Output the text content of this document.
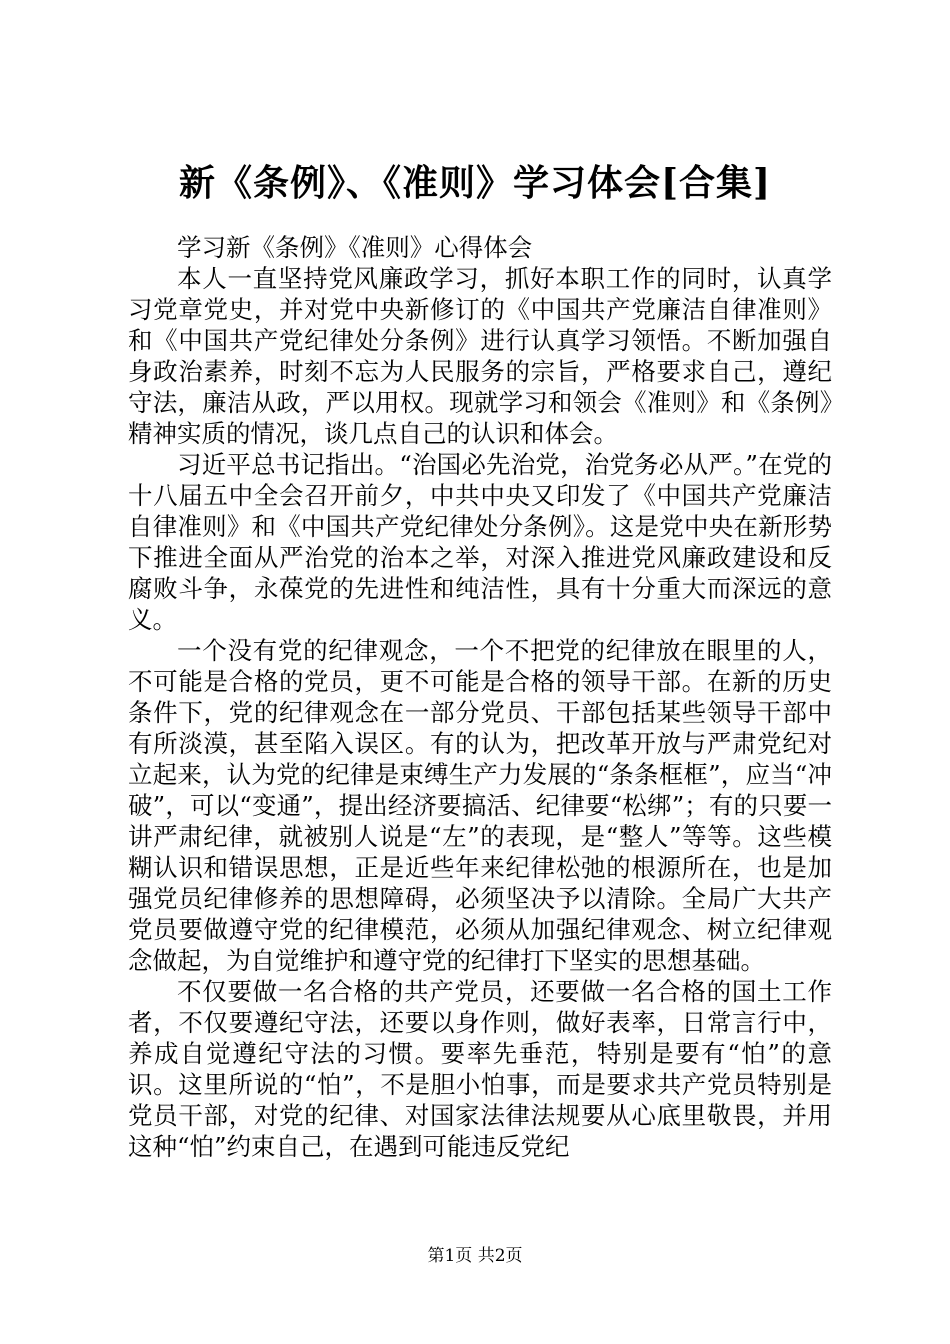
新《条例》、《准则》学习体会[合集]

学习新《条例》《准则》心得体会

本人一直坚持党风廉政学习，抓好本职工作的同时，认真学习党章党史，并对党中央新修订的《中国共产党廉洁自律准则》和《中国共产党纪律处分条例》进行认真学习领悟。不断加强自身政治素养，时刻不忘为人民服务的宗旨，严格要求自己，遵纪守法，廉洁从政，严以用权。现就学习和领会《准则》和《条例》精神实质的情况，谈几点自己的认识和体会。

习近平总书记指出。“治国必先治党，治党务必从严。”在党的十八届五中全会召开前夕，中共中央又印发了《中国共产党廉洁自律准则》和《中国共产党纪律处分条例》。这是党中央在新形势下推进全面从严治党的治本之举，对深入推进党风廉政建设和反腐败斗争，永葆党的先进性和纯洁性，具有十分重大而深远的意义。

一个没有党的纪律观念，一个不把党的纪律放在眼里的人，不可能是合格的党员，更不可能是合格的领导干部。在新的历史条件下，党的纪律观念在一部分党员、干部包括某些领导干部中有所淡漠，甚至陷入误区。有的认为，把改革开放与严肃党纪对立起来，认为党的纪律是束缚生产力发展的“条条框框”，应当“冲破”，可以“变通”，提出经济要搞活、纪律要“松绑”；有的只要一讲严肃纪律，就被别人说是“左”的表现，是“整人”等等。这些模糊认识和错误思想，正是近些年来纪律松弛的根源所在，也是加强党员纪律修养的思想障碍，必须坚决予以清除。全局广大共产党员要做遵守党的纪律模范，必须从加强纪律观念、树立纪律观念做起，为自觉维护和遵守党的纪律打下坚实的思想基础。

不仅要做一名合格的共产党员，还要做一名合格的国土工作者，不仅要遵纪守法，还要以身作则，做好表率，日常言行中，养成自觉遵纪守法的习惯。要率先垂范，特别是要有“怕”的意识。这里所说的“怕”，不是胆小怕事，而是要求共产党员特别是党员干部，对党的纪律、对国家法律法规要从心底里敬畏，并用这种“怕”约束自己，在遇到可能违反党纪

第1页 共2页
